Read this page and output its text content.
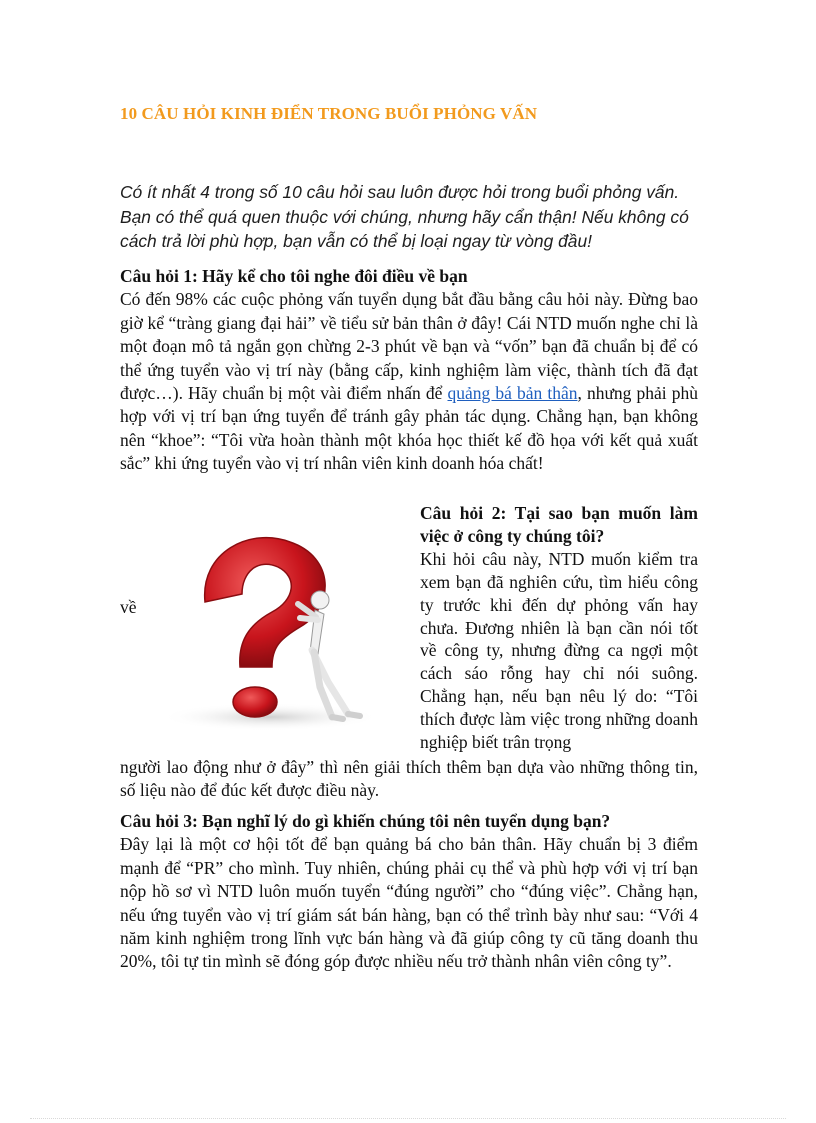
10 CÂU HỎI KINH ĐIỂN TRONG BUỔI PHỎNG VẤN

Có ít nhất 4 trong số 10 câu hỏi sau luôn được hỏi trong buổi phỏng vấn. Bạn có thể quá quen thuộc với chúng, nhưng hãy cẩn thận! Nếu không có cách trả lời phù hợp, bạn vẫn có thể bị loại ngay từ vòng đầu!

Câu hỏi 1: Hãy kể cho tôi nghe đôi điều về bạn
Có đến 98% các cuộc phỏng vấn tuyển dụng bắt đầu bằng câu hỏi này. Đừng bao giờ kể “tràng giang đại hải” về tiểu sử bản thân ở đây! Cái NTD muốn nghe chỉ là một đoạn mô tả ngắn gọn chừng 2-3 phút về bạn và “vốn” bạn đã chuẩn bị để có thể ứng tuyển vào vị trí này (bằng cấp, kinh nghiệm làm việc, thành tích đã đạt được…). Hãy chuẩn bị một vài điểm nhấn để quảng bá bản thân, nhưng phải phù hợp với vị trí bạn ứng tuyển để tránh gây phản tác dụng. Chẳng hạn, bạn không nên “khoe”: “Tôi vừa hoàn thành một khóa học thiết kế đồ họa với kết quả xuất sắc” khi ứng tuyển vào vị trí nhân viên kinh doanh hóa chất!

về

Câu hỏi 2: Tại sao bạn muốn làm việc ở công ty chúng tôi?
Khi hỏi câu này, NTD muốn kiểm tra xem bạn đã nghiên cứu, tìm hiểu công ty trước khi đến dự phỏng vấn hay chưa. Đương nhiên là bạn cần nói tốt về công ty, nhưng đừng ca ngợi một cách sáo rỗng hay chỉ nói suông. Chẳng hạn, nếu bạn nêu lý do: “Tôi thích được làm việc trong những doanh nghiệp biết trân trọng

người lao động như ở đây” thì nên giải thích thêm bạn dựa vào những thông tin, số liệu nào để đúc kết được điều này.

Câu hỏi 3: Bạn nghĩ lý do gì khiến chúng tôi nên tuyển dụng bạn?
Đây lại là một cơ hội tốt để bạn quảng bá cho bản thân. Hãy chuẩn bị 3 điểm mạnh để “PR” cho mình. Tuy nhiên, chúng phải cụ thể và phù hợp với vị trí bạn nộp hồ sơ vì NTD luôn muốn tuyển “đúng người” cho “đúng việc”. Chẳng hạn, nếu ứng tuyển vào vị trí giám sát bán hàng, bạn có thể trình bày như sau: “Với 4 năm kinh nghiệm trong lĩnh vực bán hàng và đã giúp công ty cũ tăng doanh thu 20%, tôi tự tin mình sẽ đóng góp được nhiều nếu trở thành nhân viên công ty”.
